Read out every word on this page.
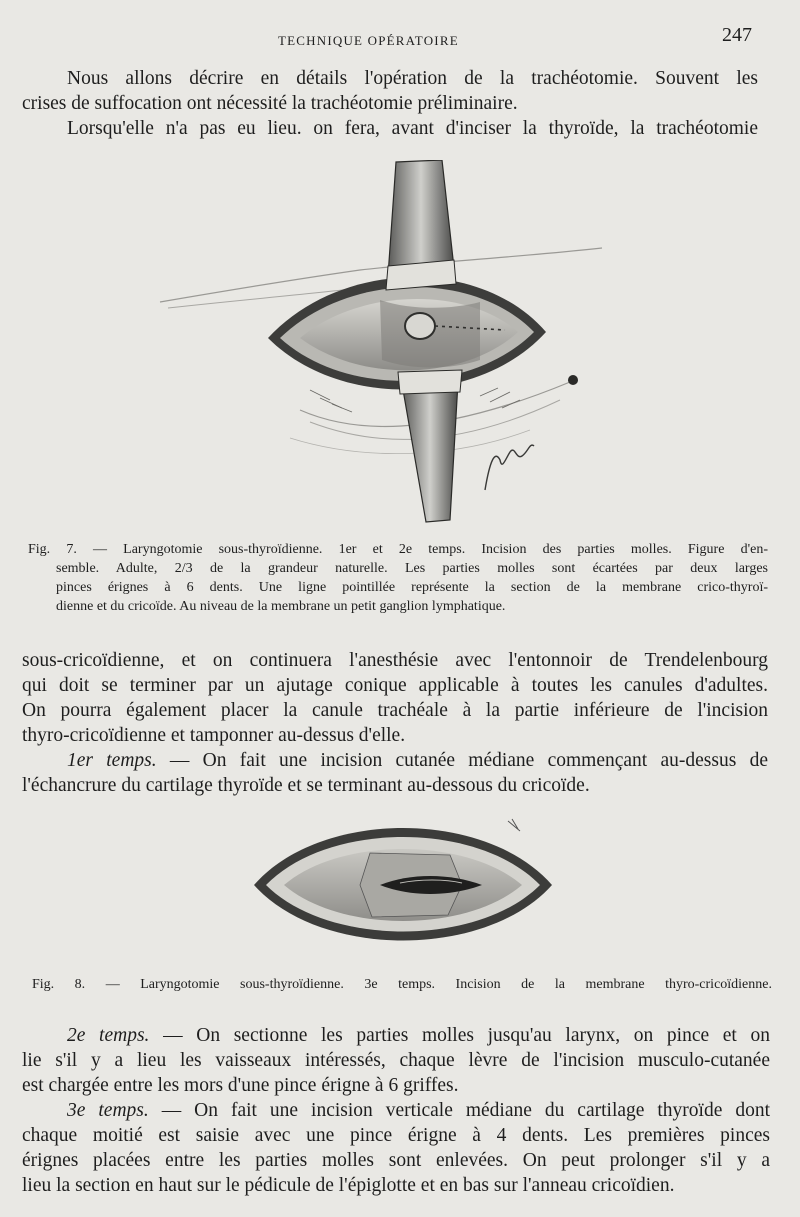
TECHNIQUE OPÉRATOIRE	247
Nous allons décrire en détails l'opération de la trachéotomie. Souvent les
crises de suffocation ont nécessité la trachéotomie préliminaire.
Lorsqu'elle n'a pas eu lieu. on fera, avant d'inciser la thyroïde, la trachéotomie
Fig. 7. — Laryngotomie sous-thyroïdienne. 1er et 2e temps. Incision des parties molles. Figure d'en-
semble. Adulte, 2/3 de la grandeur naturelle. Les parties molles sont écartées par deux larges
pinces érignes à 6 dents. Une ligne pointillée représente la section de la membrane crico-thyroï-
dienne et du cricoïde. Au niveau de la membrane un petit ganglion lymphatique.
sous-cricoïdienne, et on continuera l'anesthésie avec l'entonnoir de Trendelenbourg
qui doit se terminer par un ajutage conique applicable à toutes les canules d'adultes.
On pourra également placer la canule trachéale à la partie inférieure de l'incision
thyro-cricoïdienne et tamponner au-dessus d'elle.
1er temps. — On fait une incision cutanée médiane commençant au-dessus de
l'échancrure du cartilage thyroïde et se terminant au-dessous du cricoïde.
Fig. 8. — Laryngotomie sous-thyroïdienne. 3e temps. Incision de la membrane thyro-cricoïdienne.
2e temps. — On sectionne les parties molles jusqu'au larynx, on pince et on
lie s'il y a lieu les vaisseaux intéressés, chaque lèvre de l'incision musculo-cutanée
est chargée entre les mors d'une pince érigne à 6 griffes.
3e temps. — On fait une incision verticale médiane du cartilage thyroïde dont
chaque moitié est saisie avec une pince érigne à 4 dents. Les premières pinces
érignes placées entre les parties molles sont enlevées. On peut prolonger s'il y a
lieu la section en haut sur le pédicule de l'épiglotte et en bas sur l'anneau cricoïdien.
